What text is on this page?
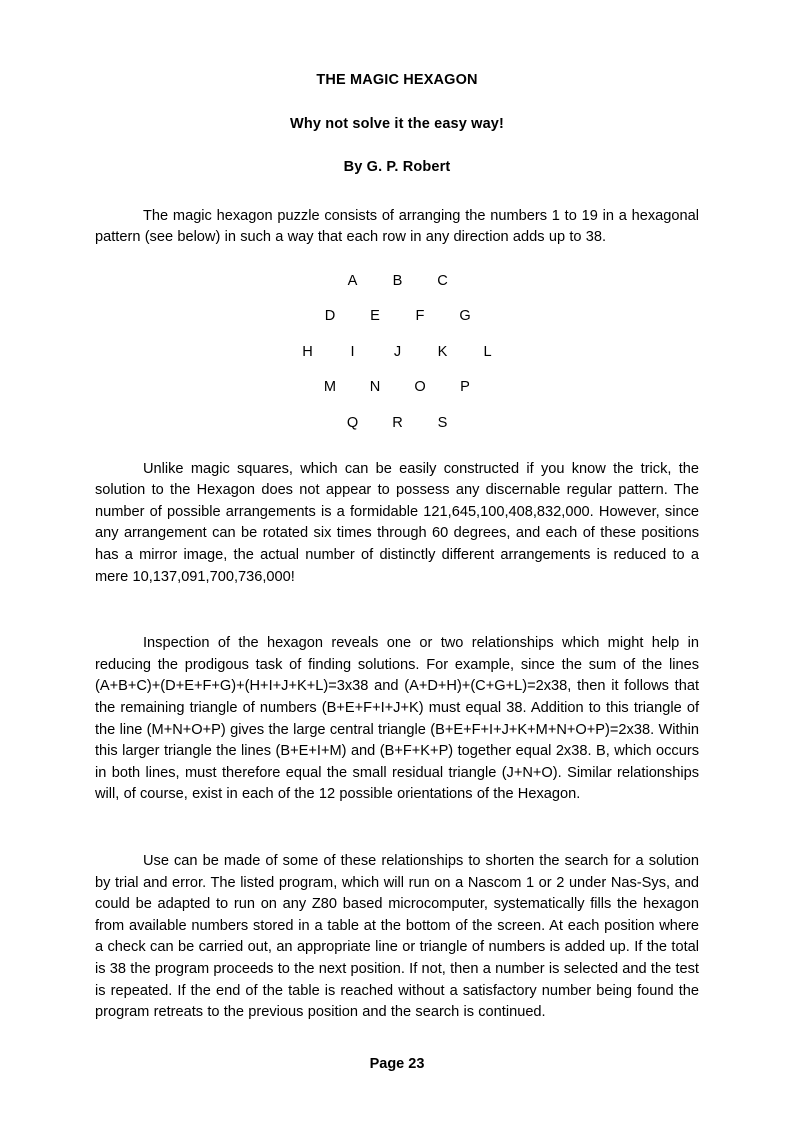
THE MAGIC HEXAGON
Why not solve it the easy way!
By G. P. Robert

The magic hexagon puzzle consists of arranging the numbers 1 to 19 in a hexagonal pattern (see below) in such a way that each row in any direction adds up to 38.

A	B	C
D	E	F	G
H	I	J	K	L
M	N	O	P
Q	R	S

Unlike magic squares, which can be easily constructed if you know the trick, the solution to the Hexagon does not appear to possess any discernable regular pattern. The number of possible arrangements is a formidable 121,645,100,408,832,000. However, since any arrangement can be rotated six times through 60 degrees, and each of these positions has a mirror image, the actual number of distinctly different arrangements is reduced to a mere 10,137,091,700,736,000!

Inspection of the hexagon reveals one or two relationships which might help in reducing the prodigous task of finding solutions. For example, since the sum of the lines (A+B+C)+(D+E+F+G)+(H+I+J+K+L)=3x38 and (A+D+H)+(C+G+L)=2x38, then it follows that the remaining triangle of numbers (B+E+F+I+J+K) must equal 38. Addition to this triangle of the line (M+N+O+P) gives the large central triangle (B+E+F+I+J+K+M+N+O+P)=2x38. Within this larger triangle the lines (B+E+I+M) and (B+F+K+P) together equal 2x38. B, which occurs in both lines, must therefore equal the small residual triangle (J+N+O). Similar relationships will, of course, exist in each of the 12 possible orientations of the Hexagon.

Use can be made of some of these relationships to shorten the search for a solution by trial and error. The listed program, which will run on a Nascom 1 or 2 under Nas-Sys, and could be adapted to run on any Z80 based microcomputer, systematically fills the hexagon from available numbers stored in a table at the bottom of the screen. At each position where a check can be carried out, an appropriate line or triangle of numbers is added up. If the total is 38 the program proceeds to the next position. If not, then a number is selected and the test is repeated. If the end of the table is reached without a satisfactory number being found the program retreats to the previous position and the search is continued.

Page 23
